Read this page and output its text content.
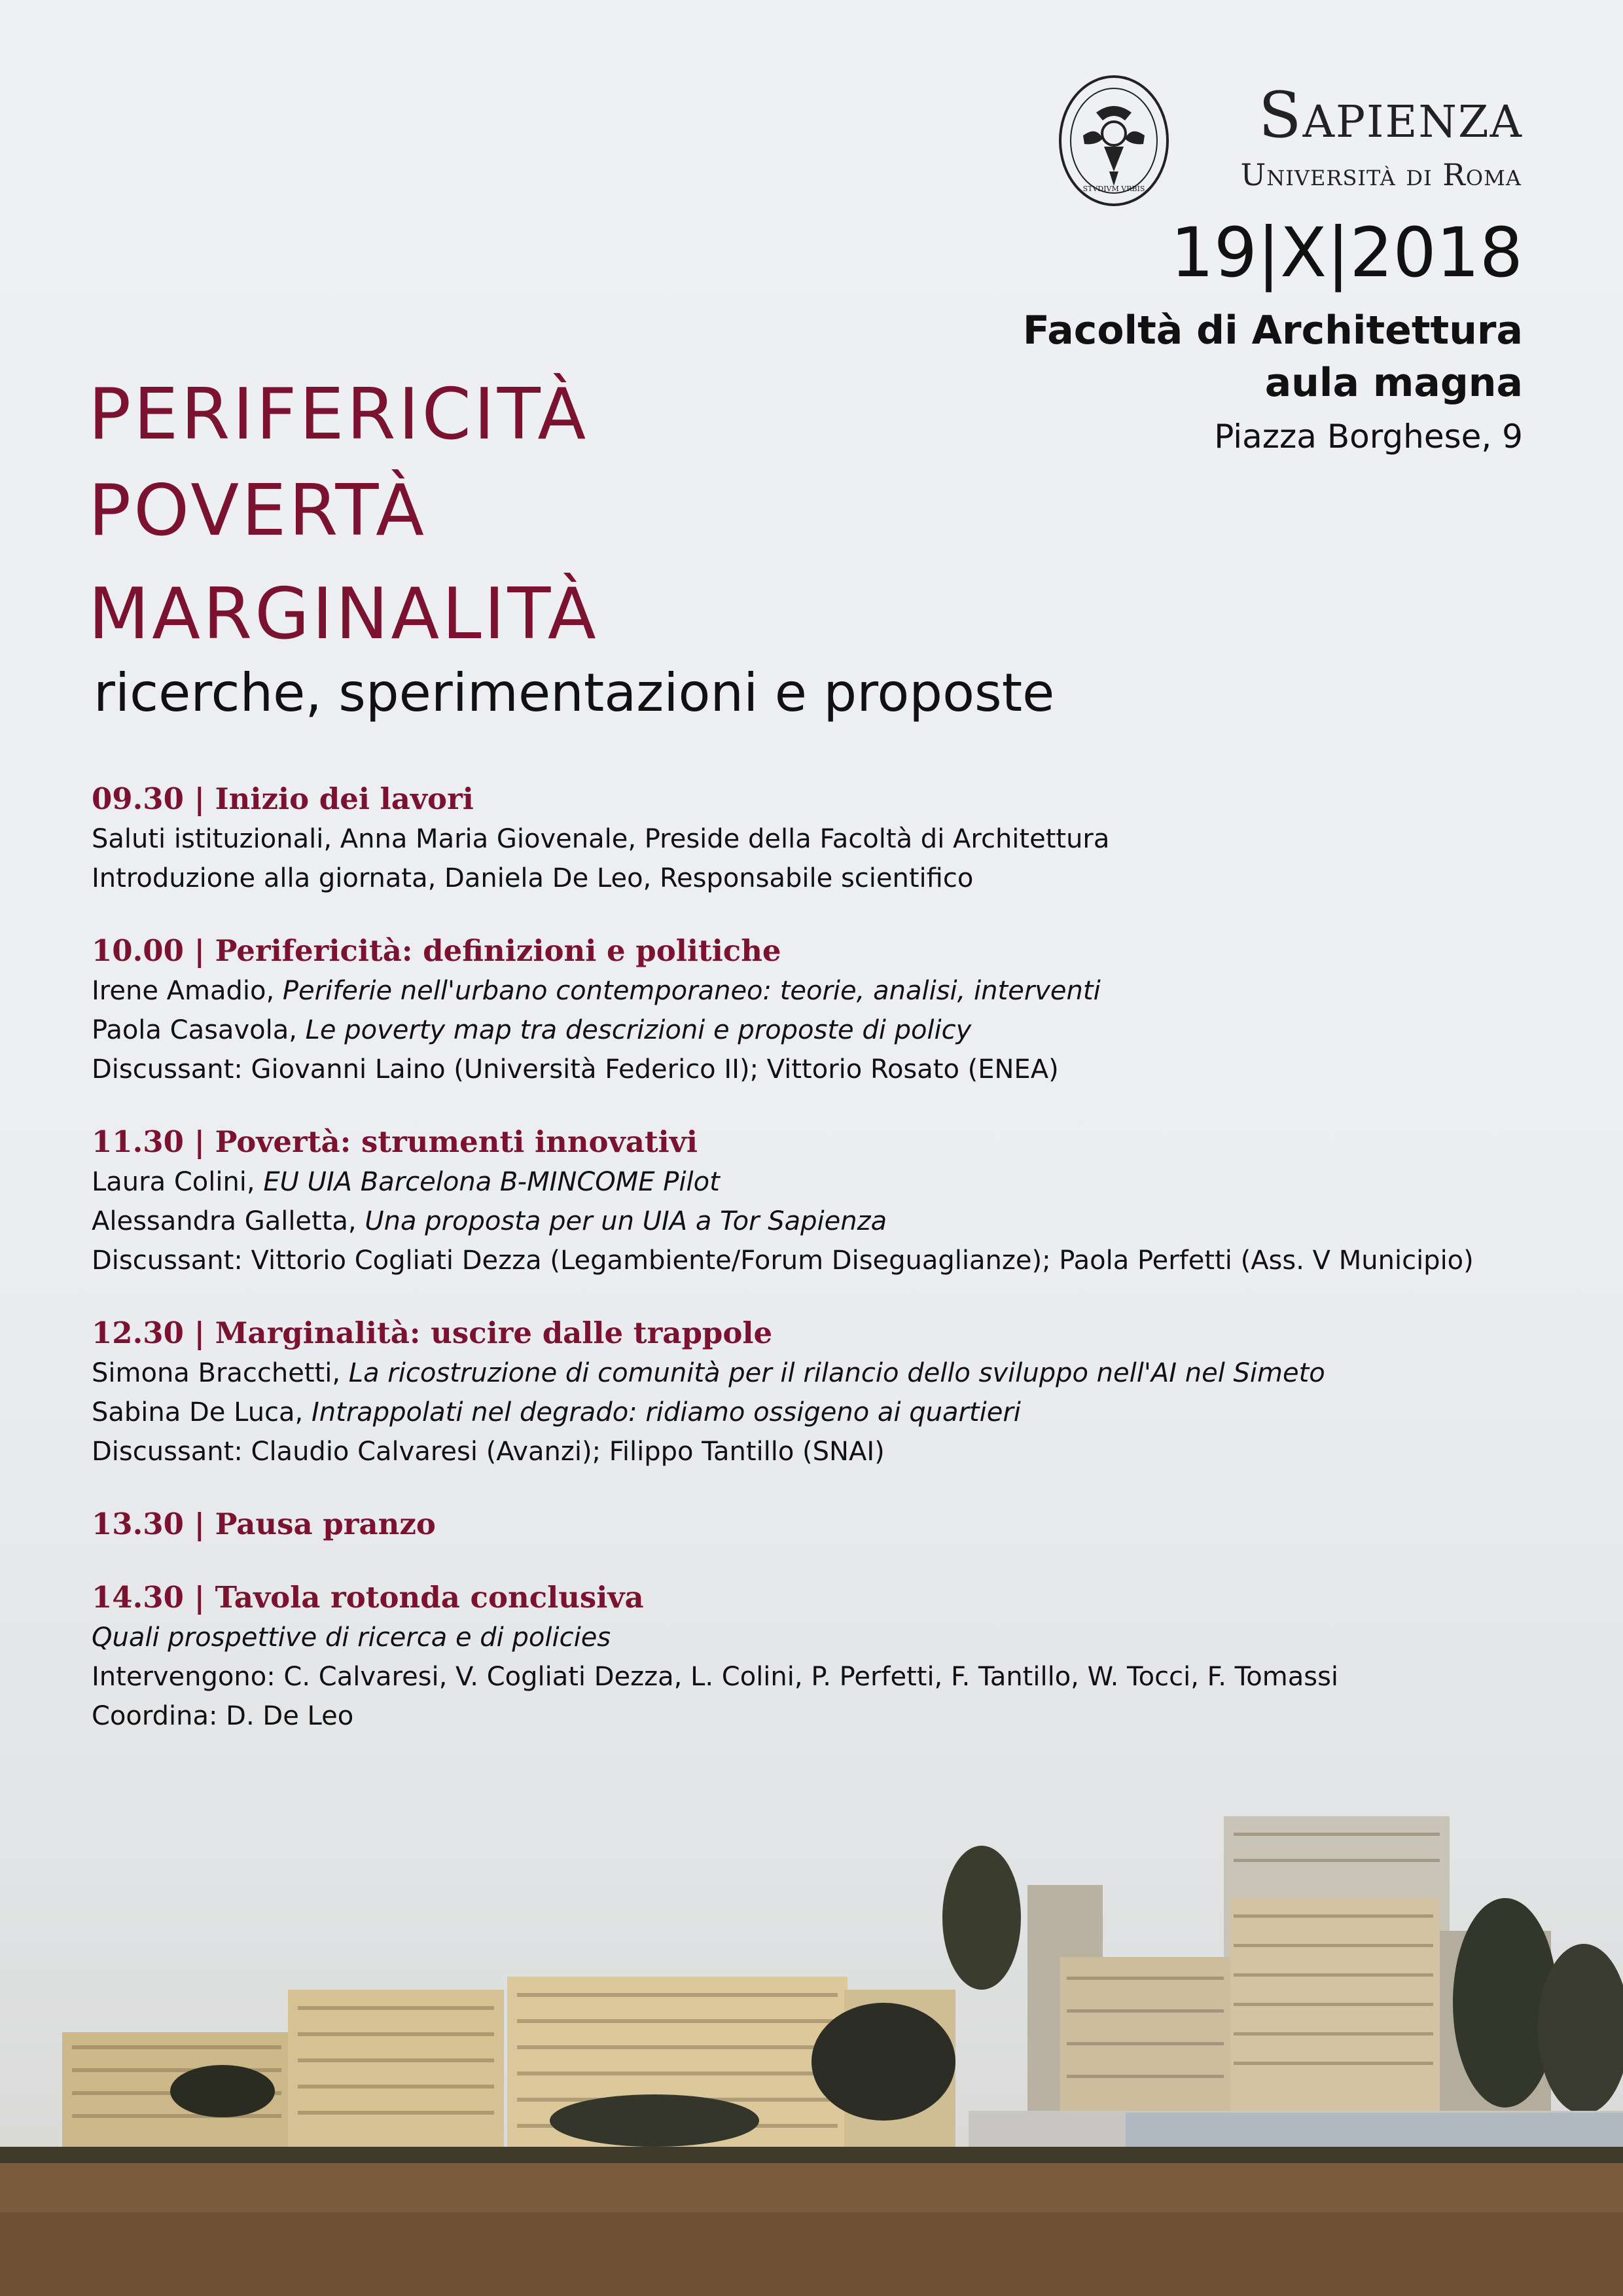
STVDIVM VRBIS
Sapienza
Università di Roma
19|X|2018
Facoltà di Architettura
aula magna
Piazza Borghese, 9
PERIFERICITÀ
POVERTÀ
MARGINALITÀ
ricerche, sperimentazioni e proposte
09.30 | Inizio dei lavori
Saluti istituzionali, Anna Maria Giovenale, Preside della Facoltà di Architettura
Introduzione alla giornata, Daniela De Leo, Responsabile scientifico
10.00 | Perifericità: definizioni e politiche
Irene Amadio, Periferie nell'urbano contemporaneo: teorie, analisi, interventi
Paola Casavola, Le poverty map tra descrizioni e proposte di policy
Discussant: Giovanni Laino (Università Federico II); Vittorio Rosato (ENEA)
11.30 | Povertà: strumenti innovativi
Laura Colini, EU UIA Barcelona B-MINCOME Pilot
Alessandra Galletta, Una proposta per un UIA a Tor Sapienza
Discussant: Vittorio Cogliati Dezza (Legambiente/Forum Diseguaglianze); Paola Perfetti (Ass. V Municipio)
12.30 | Marginalità: uscire dalle trappole
Simona Bracchetti, La ricostruzione di comunità per il rilancio dello sviluppo nell'AI nel Simeto
Sabina De Luca, Intrappolati nel degrado: ridiamo ossigeno ai quartieri
Discussant: Claudio Calvaresi (Avanzi); Filippo Tantillo (SNAI)
13.30 | Pausa pranzo
14.30 | Tavola rotonda conclusiva
Quali prospettive di ricerca e di policies
Intervengono: C. Calvaresi, V. Cogliati Dezza, L. Colini, P. Perfetti, F. Tantillo, W. Tocci, F. Tomassi
Coordina: D. De Leo
